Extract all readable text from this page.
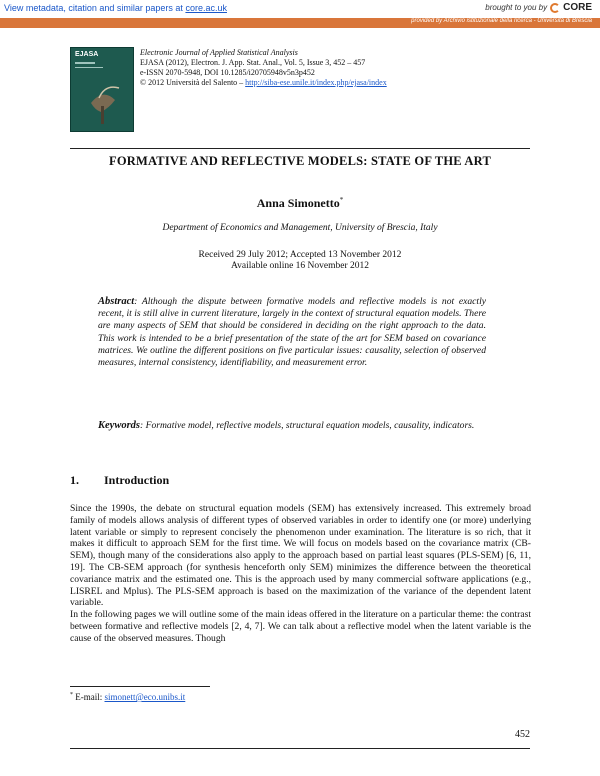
View metadata, citation and similar papers at core.ac.uk	brought to you by CORE
provided by Archivio istituzionale della ricerca - Università di Brescia
EJASA	Electronic Journal of Applied Statistical Analysis
EJASA (2012), Electron. J. App. Stat. Anal., Vol. 5, Issue 3, 452 – 457
e-ISSN 2070-5948, DOI 10.1285/i20705948v5n3p452
© 2012 Università del Salento – http://siba-ese.unile.it/index.php/ejasa/index
FORMATIVE AND REFLECTIVE MODELS: STATE OF THE ART
Anna Simonetto*
Department of Economics and Management, University of Brescia, Italy
Received 29 July 2012; Accepted 13 November 2012
Available online 16 November 2012
Abstract: Although the dispute between formative models and reflective models is not exactly recent, it is still alive in current literature, largely in the context of structural equation models. There are many aspects of SEM that should be considered in deciding on the right approach to the data. This work is intended to be a brief presentation of the state of the art for SEM based on covariance matrices. We outline the different positions on five particular issues: causality, selection of observed measures, internal consistency, identifiability, and measurement error.
Keywords: Formative model, reflective models, structural equation models, causality, indicators.
1. Introduction

Since the 1990s, the debate on structural equation models (SEM) has extensively increased. This extremely broad family of models allows analysis of different types of observed variables in order to identify one (or more) underlying latent variable or simply to represent concisely the phenomenon under examination. The literature is so rich, that it makes it difficult to approach SEM for the first time. We will focus on models based on the covariance matrix (CB-SEM), though many of the considerations also apply to the approach based on partial least squares (PLS-SEM) [6, 11, 19]. The CB-SEM approach (for synthesis henceforth only SEM) minimizes the difference between the theoretical covariance matrix and the estimated one. This is the approach used by many commercial software applications (e.g., LISREL and Mplus). The PLS-SEM approach is based on the maximization of the variance of the dependent latent variable.

In the following pages we will outline some of the main ideas offered in the literature on a particular theme: the contrast between formative and reflective models [2, 4, 7]. We can talk about a reflective model when the latent variable is the cause of the observed measures. Though

* E-mail: simonett@eco.unibs.it
452
